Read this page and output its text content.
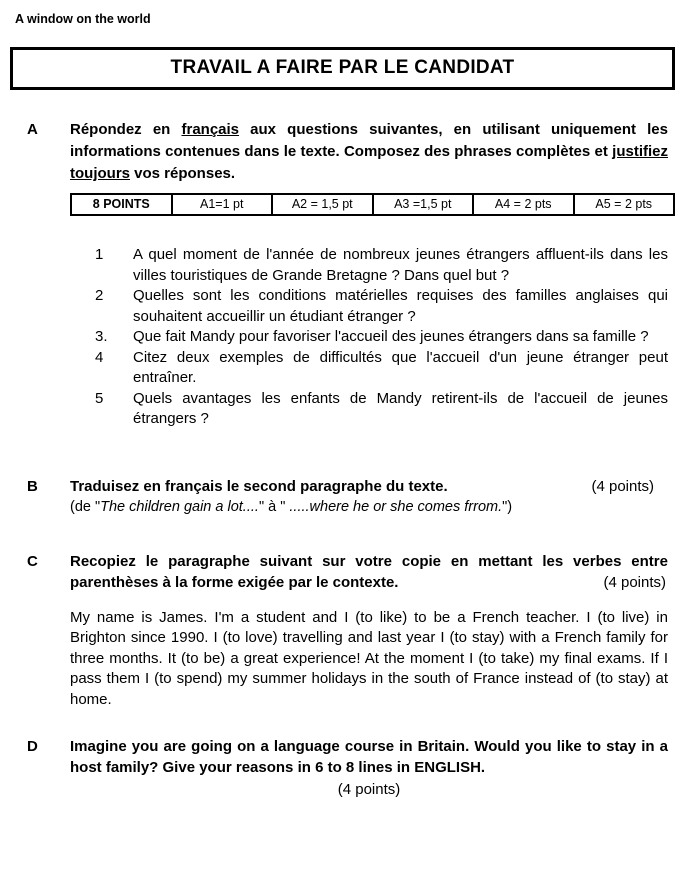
A window on the world
TRAVAIL A FAIRE PAR LE CANDIDAT
A	Répondez en français aux questions suivantes, en utilisant uniquement les informations contenues dans le texte. Composez des phrases complètes et justifiez toujours vos réponses.

8 POINTS	A1=1 pt	A2 = 1,5 pt	A3 =1,5 pt	A4 = 2 pts	A5 = 2 pts
1	A quel moment de l'année de nombreux jeunes étrangers affluent-ils dans les villes touristiques de Grande Bretagne ? Dans quel but ?
2	Quelles sont les conditions matérielles requises des familles anglaises qui souhaitent accueillir un étudiant étranger ?
3.	Que fait Mandy pour favoriser l'accueil des jeunes étrangers dans sa famille ?
4	Citez deux exemples de difficultés que l'accueil d'un jeune étranger peut entraîner.
5	Quels avantages les enfants de Mandy retirent-ils de l'accueil de jeunes étrangers ?
B	Traduisez en français le second paragraphe du texte.	(4 points)
(de "The children gain a lot...." à " .....where he or she comes frrom.")
C	Recopiez le paragraphe suivant sur votre copie en mettant les verbes entre parenthèses à la forme exigée par le contexte.	(4 points)

My name is James. I'm a student and I (to like) to be a French teacher. I (to live) in Brighton since 1990. I (to love) travelling and last year I (to stay) with a French family for three months. It (to be) a great experience! At the moment I (to take) my final exams. If I pass them I (to spend) my summer holidays in the south of France instead of (to stay) at home.

D	Imagine you are going on a language course in Britain. Would you like to stay in a host family? Give your reasons in 6 to 8 lines in ENGLISH.

(4 points)
